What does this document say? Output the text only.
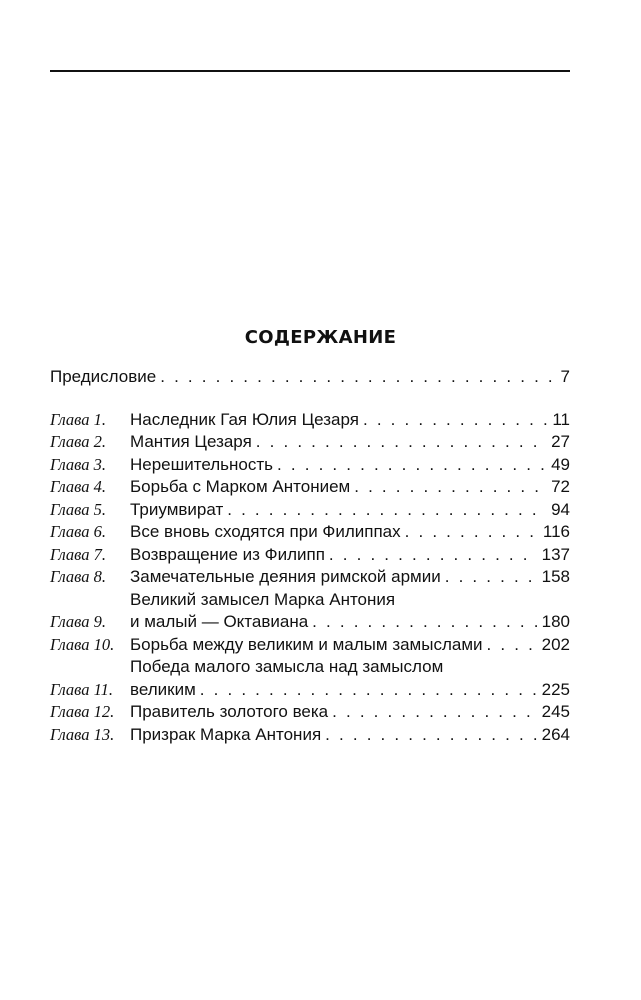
СОДЕРЖАНИЕ
Предисловие . . .	7
Глава 1.	Наследник Гая Юлия Цезаря . . .	11
Глава 2.	Мантия Цезаря . . .	27
Глава 3.	Нерешительность . . .	49
Глава 4.	Борьба с Марком Антонием . . .	72
Глава 5.	Триумвират . . .	94
Глава 6.	Все вновь сходятся при Филиппах . . .	116
Глава 7.	Возвращение из Филипп . . .	137
Глава 8.	Замечательные деяния римской армии . . .	158
Глава 9.
Великий замысел Марка Антония
и малый — Октавиана . . .	180
Глава 10. Борьба между великим и малым замыслами . . .	202
Глава 11.
Победа малого замысла над замыслом
великим . . .	225
Глава 12. Правитель золотого века . . .	245
Глава 13. Призрак Марка Антония . . .	264
